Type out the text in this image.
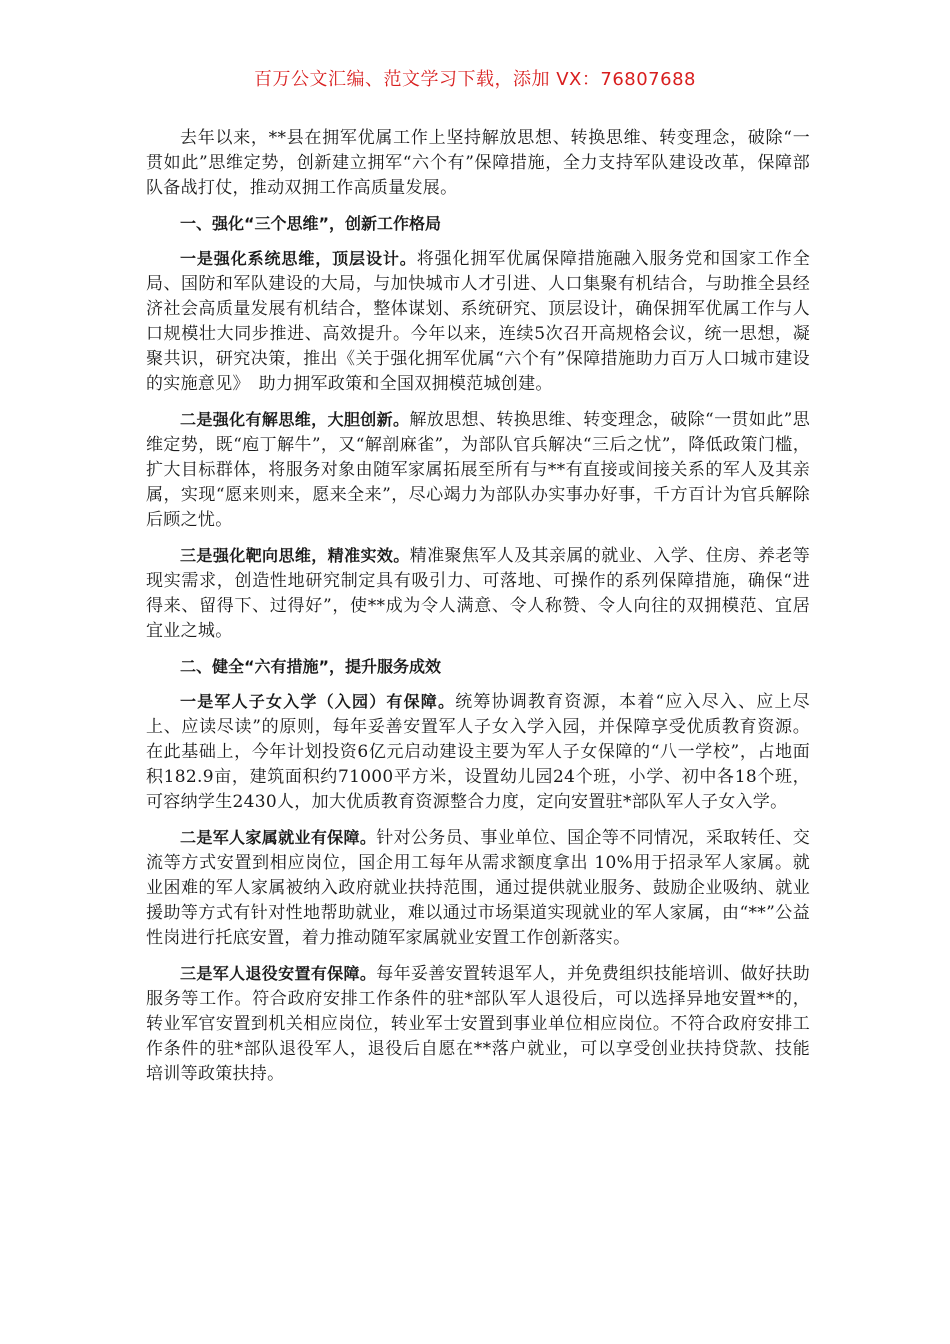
百万公文汇编、范文学习下载，添加 VX：76807688

去年以来，**县在拥军优属工作上坚持解放思想、转换思维、转变理念，破除“一贯如此”思维定势，创新建立拥军“六个有”保障措施，全力支持军队建设改革，保障部队备战打仗，推动双拥工作高质量发展。

一、强化“三个思维”，创新工作格局

一是强化系统思维，顶层设计。将强化拥军优属保障措施融入服务党和国家工作全局、国防和军队建设的大局，与加快城市人才引进、人口集聚有机结合，与助推全县经济社会高质量发展有机结合，整体谋划、系统研究、顶层设计，确保拥军优属工作与人口规模壮大同步推进、高效提升。今年以来，连续5次召开高规格会议，统一思想，凝聚共识，研究决策，推出《关于强化拥军优属“六个有”保障措施助力百万人口城市建设的实施意见》　助力拥军政策和全国双拥模范城创建。

二是强化有解思维，大胆创新。解放思想、转换思维、转变理念，破除“一贯如此”思维定势，既“庖丁解牛”，又“解剖麻雀”，为部队官兵解决“三后之忧”，降低政策门槛，扩大目标群体，将服务对象由随军家属拓展至所有与**有直接或间接关系的军人及其亲属，实现“愿来则来，愿来全来”，尽心竭力为部队办实事办好事，千方百计为官兵解除后顾之忧。

三是强化靶向思维，精准实效。精准聚焦军人及其亲属的就业、入学、住房、养老等现实需求，创造性地研究制定具有吸引力、可落地、可操作的系列保障措施，确保“进得来、留得下、过得好”，使**成为令人满意、令人称赞、令人向往的双拥模范、宜居宜业之城。

二、健全“六有措施”，提升服务成效

一是军人子女入学（入园）有保障。统筹协调教育资源，本着“应入尽入、应上尽上、应读尽读”的原则，每年妥善安置军人子女入学入园，并保障享受优质教育资源。在此基础上，今年计划投资6亿元启动建设主要为军人子女保障的“八一学校”，占地面积182.9亩，建筑面积约71000平方米，设置幼儿园24个班，小学、初中各18个班，可容纳学生2430人，加大优质教育资源整合力度，定向安置驻*部队军人子女入学。

二是军人家属就业有保障。针对公务员、事业单位、国企等不同情况，采取转任、交流等方式安置到相应岗位，国企用工每年从需求额度拿出 10%用于招录军人家属。就业困难的军人家属被纳入政府就业扶持范围，通过提供就业服务、鼓励企业吸纳、就业援助等方式有针对性地帮助就业，难以通过市场渠道实现就业的军人家属，由“**”公益性岗进行托底安置，着力推动随军家属就业安置工作创新落实。

三是军人退役安置有保障。每年妥善安置转退军人，并免费组织技能培训、做好扶助服务等工作。符合政府安排工作条件的驻*部队军人退役后，可以选择异地安置**的，转业军官安置到机关相应岗位，转业军士安置到事业单位相应岗位。不符合政府安排工作条件的驻*部队退役军人，退役后自愿在**落户就业，可以享受创业扶持贷款、技能培训等政策扶持。
